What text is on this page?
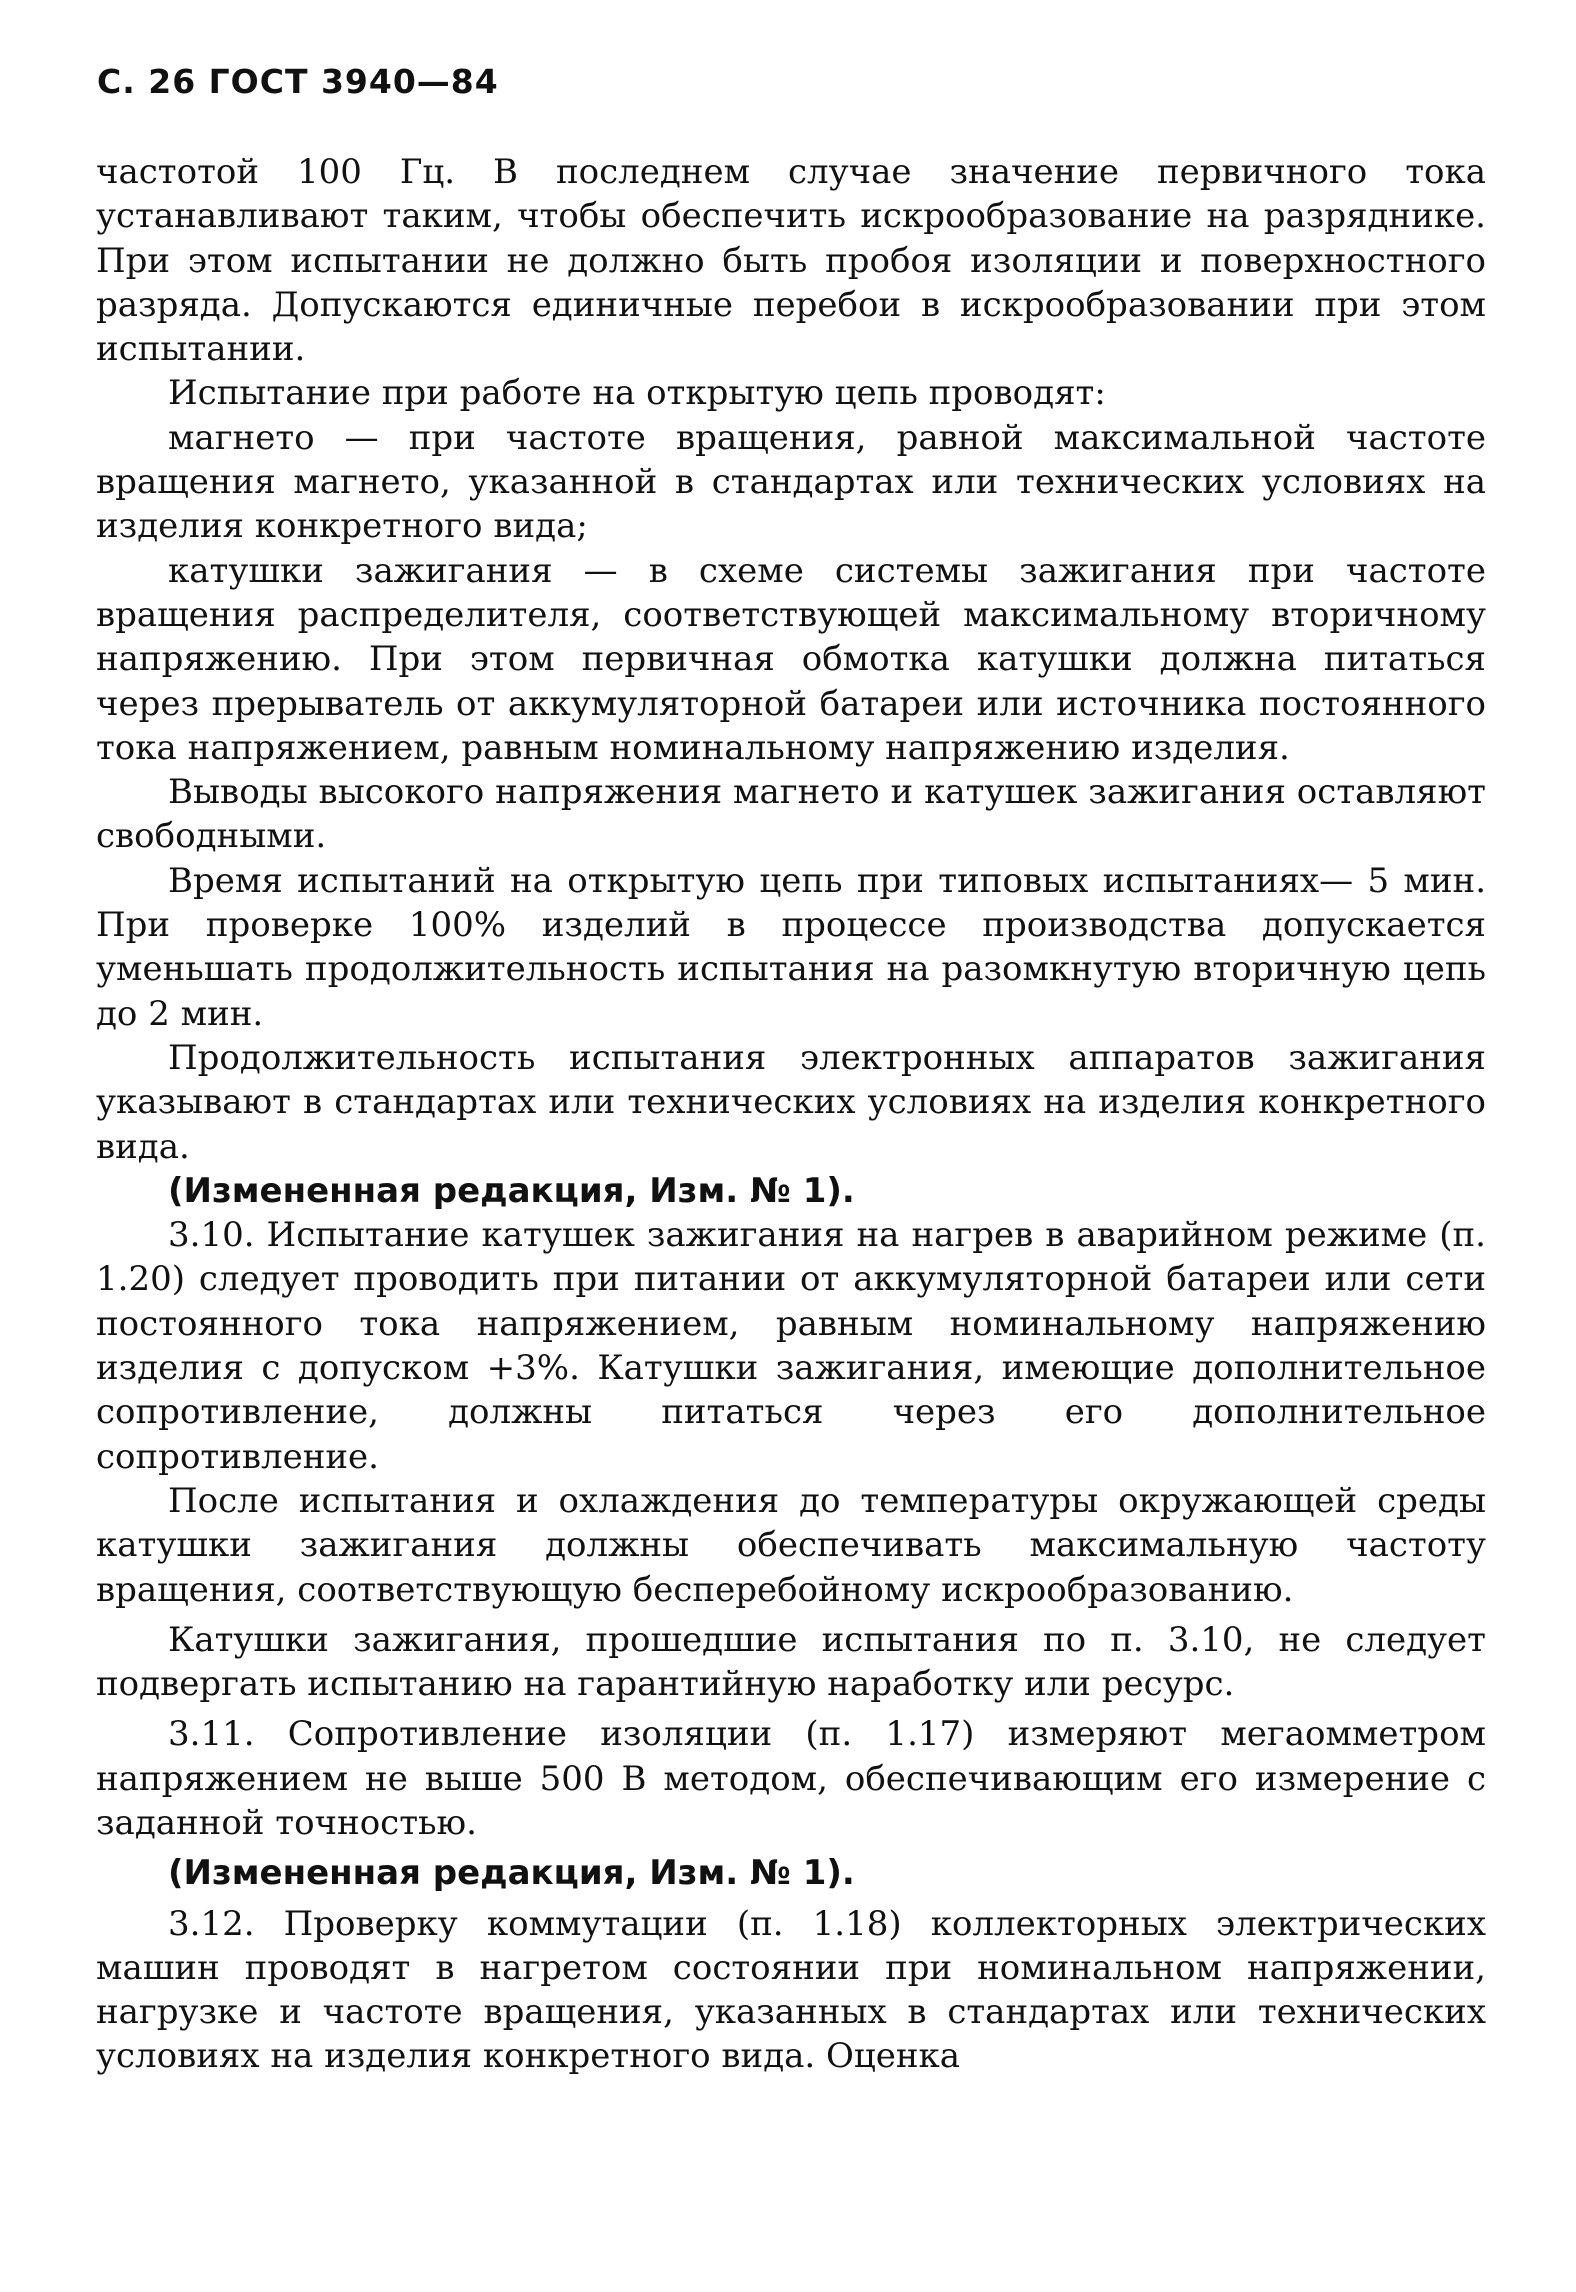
С. 26 ГОСТ 3940—84

частотой 100 Гц. В последнем случае значение первичного тока устанавливают таким, чтобы обеспечить искрообразование на разряднике. При этом испытании не должно быть пробоя изоляции и поверхностного разряда. Допускаются единичные перебои в искрообразовании при этом испытании.

Испытание при работе на открытую цепь проводят:

магнето — при частоте вращения, равной максимальной частоте вращения магнето, указанной в стандартах или технических условиях на изделия конкретного вида;

катушки зажигания — в схеме системы зажигания при частоте вращения распределителя, соответствующей максимальному вторичному напряжению. При этом первичная обмотка катушки должна питаться через прерыватель от аккумуляторной батареи или источника постоянного тока напряжением, равным номинальному напряжению изделия.

Выводы высокого напряжения магнето и катушек зажигания оставляют свободными.

Время испытаний на открытую цепь при типовых испытаниях— 5 мин. При проверке 100% изделий в процессе производства допускается уменьшать продолжительность испытания на разомкнутую вторичную цепь до 2 мин.

Продолжительность испытания электронных аппаратов зажигания указывают в стандартах или технических условиях на изделия конкретного вида.

(Измененная редакция, Изм. № 1).

3.10. Испытание катушек зажигания на нагрев в аварийном режиме (п. 1.20) следует проводить при питании от аккумуляторной батареи или сети постоянного тока напряжением, равным номинальному напряжению изделия с допуском +3%. Катушки зажигания, имеющие дополнительное сопротивление, должны питаться через его дополнительное сопротивление.

После испытания и охлаждения до температуры окружающей среды катушки зажигания должны обеспечивать максимальную частоту вращения, соответствующую бесперебойному искрообразованию.

Катушки зажигания, прошедшие испытания по п. 3.10, не следует подвергать испытанию на гарантийную наработку или ресурс.

3.11. Сопротивление изоляции (п. 1.17) измеряют мегаомметром напряжением не выше 500 В методом, обеспечивающим его измерение с заданной точностью.

(Измененная редакция, Изм. № 1).

3.12. Проверку коммутации (п. 1.18) коллекторных электрических машин проводят в нагретом состоянии при номинальном напряжении, нагрузке и частоте вращения, указанных в стандартах или технических условиях на изделия конкретного вида. Оценка
